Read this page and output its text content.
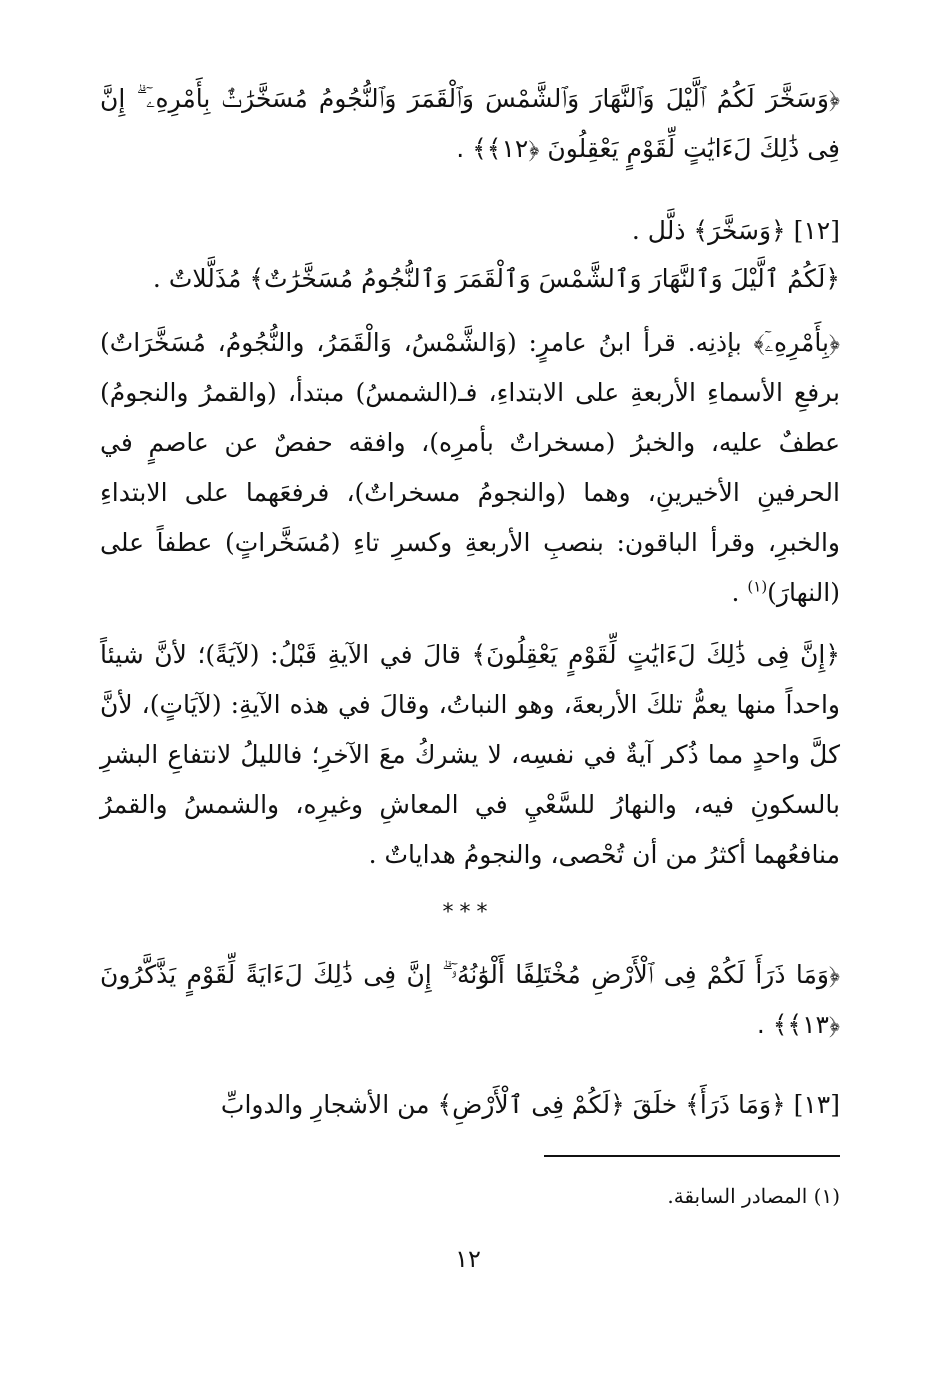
﴿وَسَخَّرَ لَكُمُ ٱلَّيْلَ وَٱلنَّهَارَ وَٱلشَّمْسَ وَٱلْقَمَرَ وَٱلنُّجُومُ مُسَخَّرَٰتٌۢ بِأَمْرِهِۦٓ ۗ إِنَّ فِى ذَٰلِكَ لَءَايَٰتٍ لِّقَوْمٍ يَعْقِلُونَ ﴿١٢﴾﴾ .
[١٢] ﴿وَسَخَّرَ﴾ ذلَّل .
﴿لَكُمُ ٱلَّيْلَ وَٱلنَّهَارَ وَٱلشَّمْسَ وَٱلْقَمَرَ وَٱلنُّجُومُ مُسَخَّرَٰتٌ﴾ مُذَلَّلاتٌ .
﴿بِأَمْرِهِۦٓ﴾ بإذنِه. قرأ ابنُ عامرٍ: (وَالشَّمْسُ، وَالْقَمَرُ، والنُّجُومُ، مُسَخَّرَاتٌ) برفعِ الأسماءِ الأربعةِ على الابتداءِ، فـ(الشمسُ) مبتدأ، (والقمرُ والنجومُ) عطفٌ عليه، والخبرُ (مسخراتٌ بأمرِه)، وافقه حفصٌ عن عاصمٍ في الحرفينِ الأخيرينِ، وهما (والنجومُ مسخراتٌ)، فرفعَهما على الابتداءِ والخبرِ، وقرأ الباقون: بنصبِ الأربعةِ وكسرِ تاءِ (مُسَخَّراتٍ) عطفاً على (النهارَ)$^{(١)}$ .
﴿إِنَّ فِى ذَٰلِكَ لَءَايَٰتٍ لِّقَوْمٍ يَعْقِلُونَ﴾ قالَ في الآيةِ قَبْلُ: (لآيَةً)؛ لأنَّ شيئاً واحداً منها يعمُّ تلكَ الأربعةَ، وهو النباتُ، وقالَ في هذه الآيةِ: (لآيَاتٍ)، لأنَّ كلَّ واحدٍ مما ذُكر آيةٌ في نفسِه، لا يشركُ معَ الآخرِ؛ فالليلُ لانتفاعِ البشرِ بالسكونِ فيه، والنهارُ للسَّعْيِ في المعاشِ وغيرِه، والشمسُ والقمرُ منافعُهما أكثرُ من أن تُحْصى، والنجومُ هداياتٌ .
***
﴿وَمَا ذَرَأَ لَكُمْ فِى ٱلْأَرْضِ مُخْتَلِفًا أَلْوَٰنُهُۥٓ ۗ إِنَّ فِى ذَٰلِكَ لَءَايَةً لِّقَوْمٍ يَذَّكَّرُونَ ﴿١٣﴾﴾ .
[١٣] ﴿وَمَا ذَرَأَ﴾ خلَقَ ﴿لَكُمْ فِى ٱلْأَرْضِ﴾ من الأشجارِ والدوابِّ
(١) المصادر السابقة.
١٢
